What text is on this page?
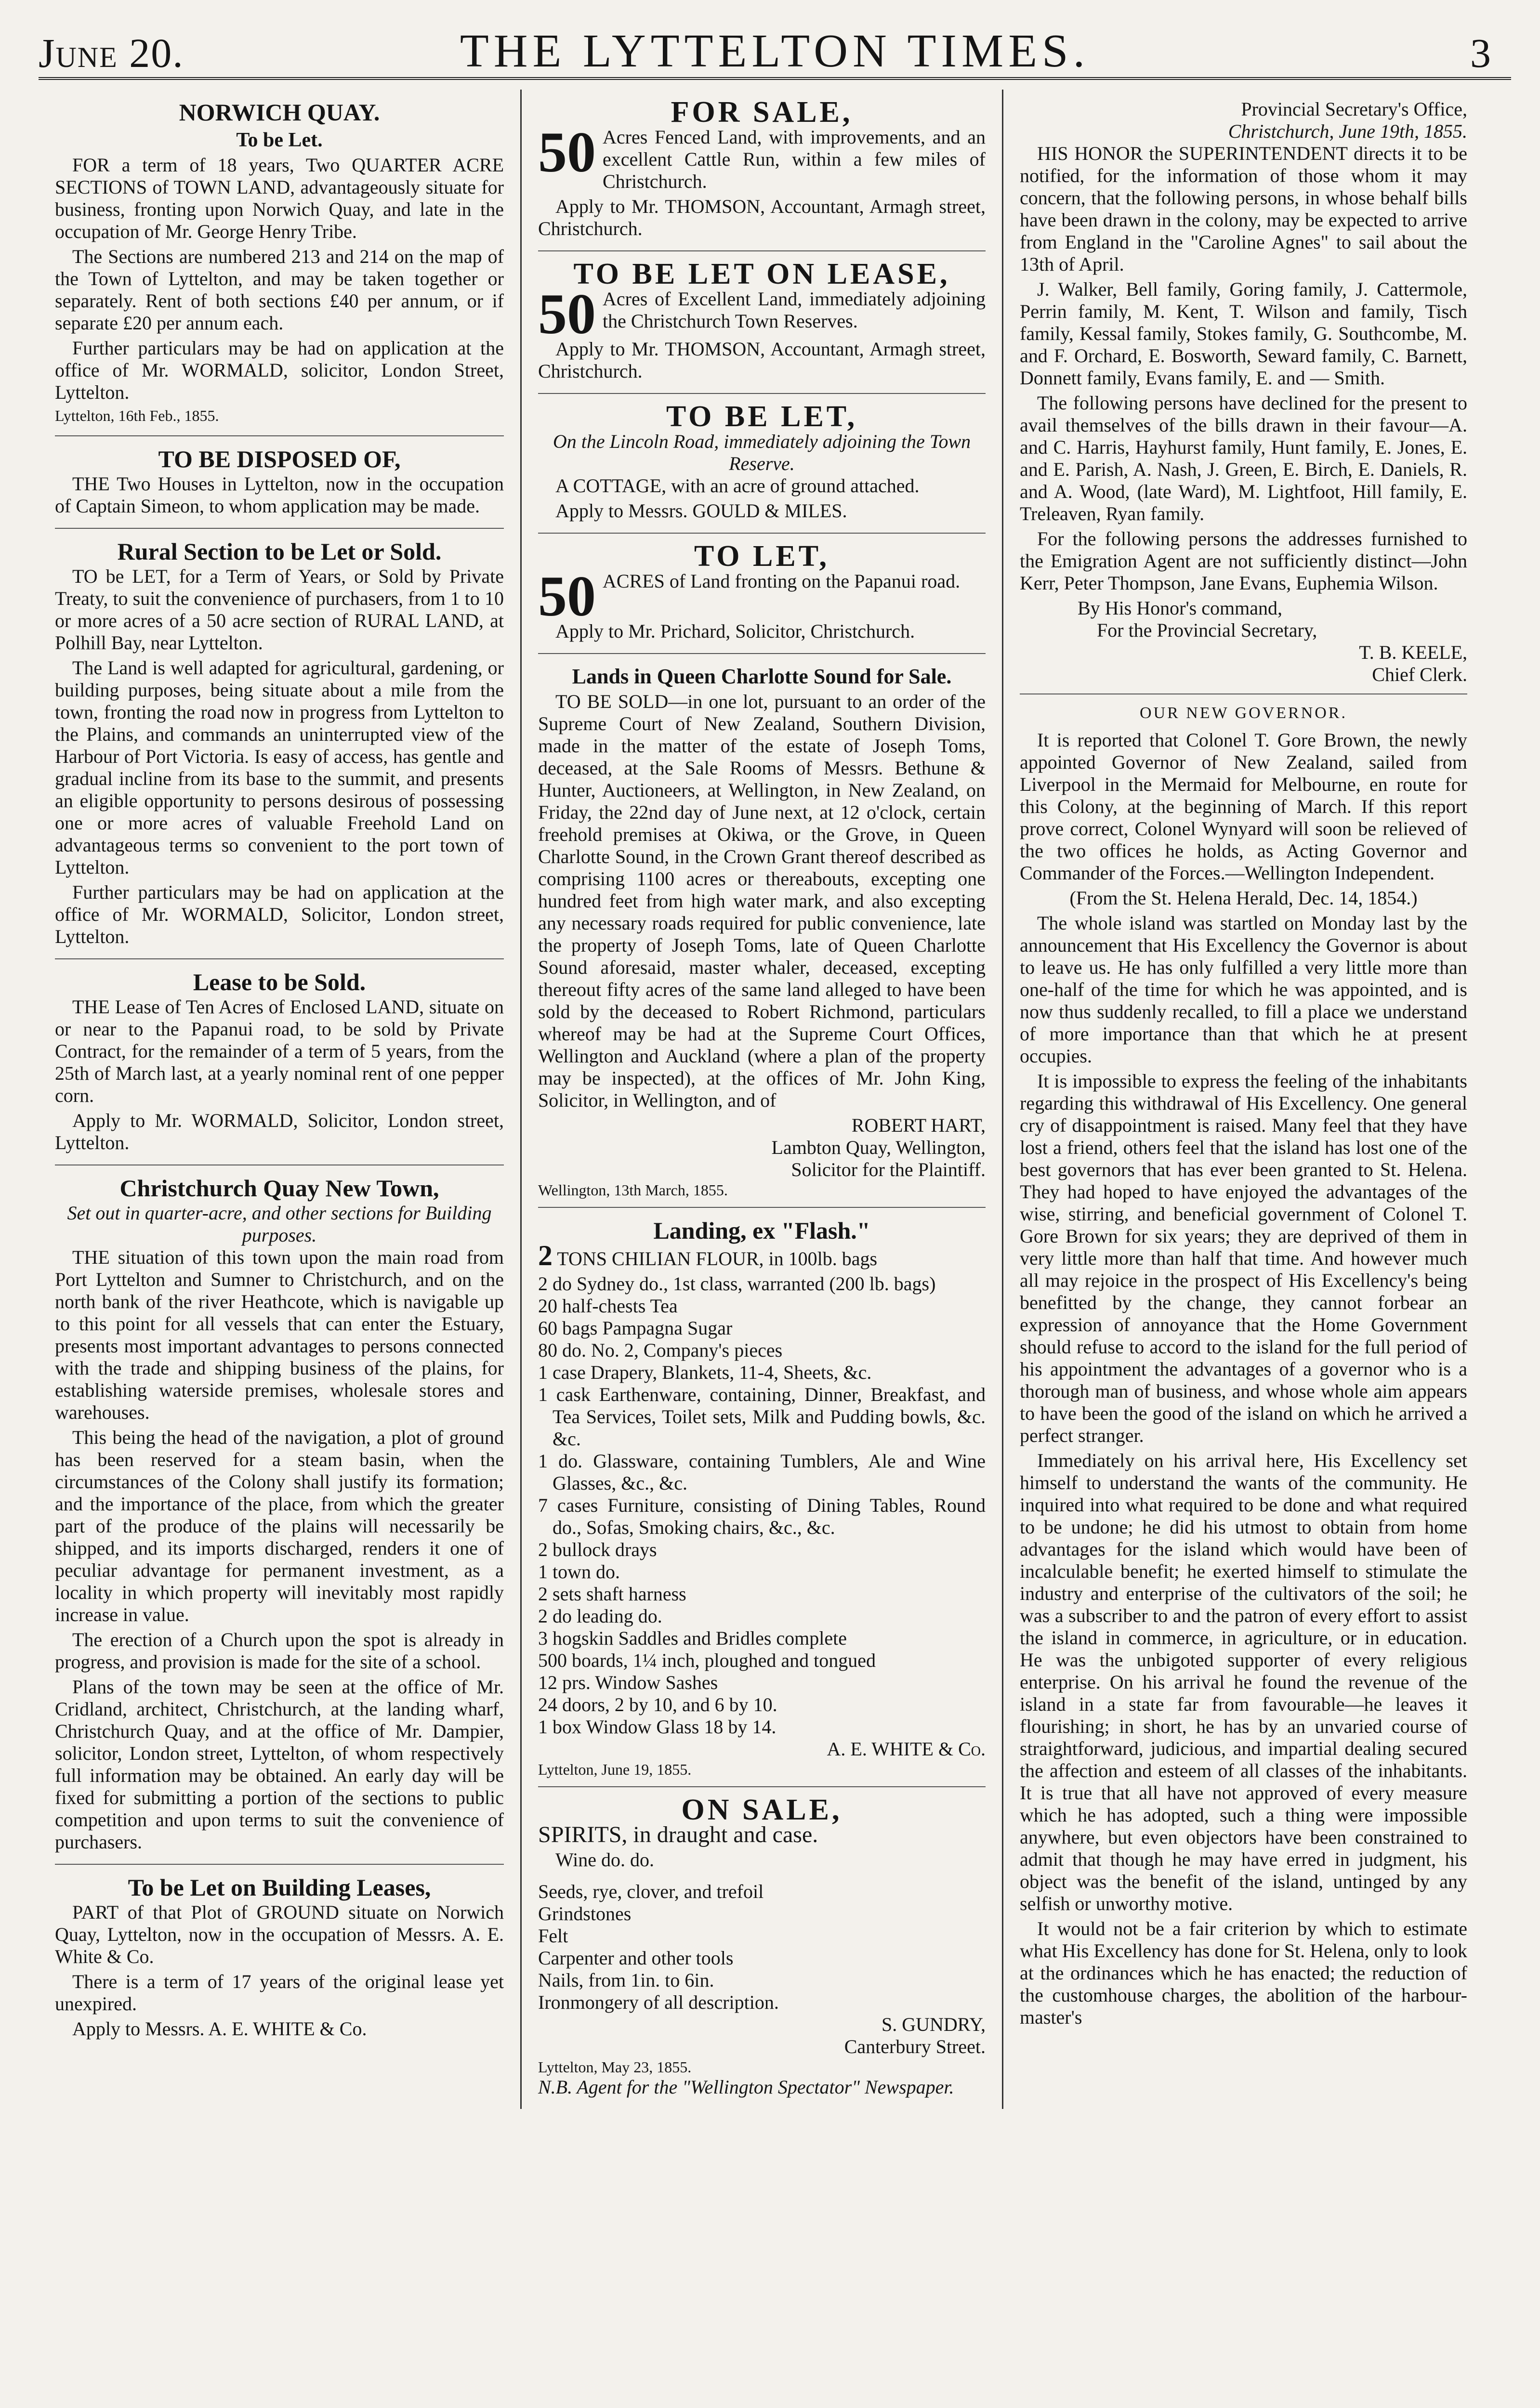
June 20.	THE LYTTELTON TIMES.	3
NORWICH QUAY.
To be Let.

FOR a term of 18 years, Two QUARTER ACRE SECTIONS of TOWN LAND, advantageously situate for business, fronting upon Norwich Quay, and late in the occupation of Mr. George Henry Tribe.

The Sections are numbered 213 and 214 on the map of the Town of Lyttelton, and may be taken together or separately. Rent of both sections £40 per annum, or if separate £20 per annum each.

Further particulars may be had on application at the office of Mr. WORMALD, solicitor, London Street, Lyttelton.

Lyttelton, 16th Feb., 1855.

TO BE DISPOSED OF,

THE Two Houses in Lyttelton, now in the occupation of Captain Simeon, to whom application may be made.

Rural Section to be Let or Sold.

TO be LET, for a Term of Years, or Sold by Private Treaty, to suit the convenience of purchasers, from 1 to 10 or more acres of a 50 acre section of RURAL LAND, at Polhill Bay, near Lyttelton.

The Land is well adapted for agricultural, gardening, or building purposes, being situate about a mile from the town, fronting the road now in progress from Lyttelton to the Plains, and commands an uninterrupted view of the Harbour of Port Victoria. Is easy of access, has gentle and gradual incline from its base to the summit, and presents an eligible opportunity to persons desirous of possessing one or more acres of valuable Freehold Land on advantageous terms so convenient to the port town of Lyttelton.

Further particulars may be had on application at the office of Mr. WORMALD, Solicitor, London street, Lyttelton.

Lease to be Sold.

THE Lease of Ten Acres of Enclosed LAND, situate on or near to the Papanui road, to be sold by Private Contract, for the remainder of a term of 5 years, from the 25th of March last, at a yearly nominal rent of one pepper corn.

Apply to Mr. WORMALD, Solicitor, London street, Lyttelton.

Christchurch Quay New Town,
Set out in quarter-acre, and other sections for Building purposes.

THE situation of this town upon the main road from Port Lyttelton and Sumner to Christchurch, and on the north bank of the river Heathcote, which is navigable up to this point for all vessels that can enter the Estuary, presents most important advantages to persons connected with the trade and shipping business of the plains, for establishing waterside premises, wholesale stores and warehouses.

This being the head of the navigation, a plot of ground has been reserved for a steam basin, when the circumstances of the Colony shall justify its formation; and the importance of the place, from which the greater part of the produce of the plains will necessarily be shipped, and its imports discharged, renders it one of peculiar advantage for permanent investment, as a locality in which property will inevitably most rapidly increase in value.

The erection of a Church upon the spot is already in progress, and provision is made for the site of a school.

Plans of the town may be seen at the office of Mr. Cridland, architect, Christchurch, at the landing wharf, Christchurch Quay, and at the office of Mr. Dampier, solicitor, London street, Lyttelton, of whom respectively full information may be obtained. An early day will be fixed for submitting a portion of the sections to public competition and upon terms to suit the convenience of purchasers.

To be Let on Building Leases,

PART of that Plot of GROUND situate on Norwich Quay, Lyttelton, now in the occupation of Messrs. A. E. White & Co.

There is a term of 17 years of the original lease yet unexpired.

Apply to Messrs. A. E. WHITE & Co.

FOR SALE,
50 Acres Fenced Land, with improvements, and an excellent Cattle Run, within a few miles of Christchurch.

Apply to Mr. THOMSON, Accountant, Armagh street, Christchurch.

TO BE LET ON LEASE,
50 Acres of Excellent Land, immediately adjoining the Christchurch Town Reserves.

Apply to Mr. THOMSON, Accountant, Armagh street, Christchurch.

TO BE LET,
On the Lincoln Road, immediately adjoining the Town Reserve.

A COTTAGE, with an acre of ground attached.

Apply to Messrs. GOULD & MILES.

TO LET,
50 ACRES of Land fronting on the Papanui road.

Apply to Mr. Prichard, Solicitor, Christchurch.

Lands in Queen Charlotte Sound for Sale.

TO BE SOLD—in one lot, pursuant to an order of the Supreme Court of New Zealand, Southern Division, made in the matter of the estate of Joseph Toms, deceased, at the Sale Rooms of Messrs. Bethune & Hunter, Auctioneers, at Wellington, in New Zealand, on Friday, the 22nd day of June next, at 12 o'clock, certain freehold premises at Okiwa, or the Grove, in Queen Charlotte Sound, in the Crown Grant thereof described as comprising 1100 acres or thereabouts, excepting one hundred feet from high water mark, and also excepting any necessary roads required for public convenience, late the property of Joseph Toms, late of Queen Charlotte Sound aforesaid, master whaler, deceased, excepting thereout fifty acres of the same land alleged to have been sold by the deceased to Robert Richmond, particulars whereof may be had at the Supreme Court Offices, Wellington and Auckland (where a plan of the property may be inspected), at the offices of Mr. John King, Solicitor, in Wellington, and of

ROBERT HART,
Lambton Quay, Wellington,
Solicitor for the Plaintiff.
Wellington, 13th March, 1855.
Landing, ex "Flash."

2 TONS CHILIAN FLOUR, in 100lb. bags

2 do Sydney do., 1st class, warranted (200 lb. bags)
20 half-chests Tea
60 bags Pampagna Sugar
80 do. No. 2, Company's pieces
1 case Drapery, Blankets, 11-4, Sheets, &c.
1 cask Earthenware, containing, Dinner, Breakfast, and Tea Services, Toilet sets, Milk and Pudding bowls, &c. &c.
1 do. Glassware, containing Tumblers, Ale and Wine Glasses, &c., &c.
7 cases Furniture, consisting of Dining Tables, Round do., Sofas, Smoking chairs, &c., &c.
2 bullock drays
1 town do.
2 sets shaft harness
2 do leading do.
3 hogskin Saddles and Bridles complete
500 boards, 1¼ inch, ploughed and tongued
12 prs. Window Sashes
24 doors, 2 by 10, and 6 by 10.
1 box Window Glass 18 by 14.
A. E. WHITE & Co.
Lyttelton, June 19, 1855.
ON SALE,

SPIRITS, in draught and case.

Wine do. do.

Seeds, rye, clover, and trefoil
Grindstones
Felt
Carpenter and other tools
Nails, from 1in. to 6in.
Ironmongery of all description.
S. GUNDRY,
Canterbury Street.
Lyttelton, May 23, 1855.

N.B. Agent for the "Wellington Spectator" Newspaper.

Provincial Secretary's Office,
Christchurch, June 19th, 1855.

HIS HONOR the SUPERINTENDENT directs it to be notified, for the information of those whom it may concern, that the following persons, in whose behalf bills have been drawn in the colony, may be expected to arrive from England in the "Caroline Agnes" to sail about the 13th of April.

J. Walker, Bell family, Goring family, J. Cattermole, Perrin family, M. Kent, T. Wilson and family, Tisch family, Kessal family, Stokes family, G. Southcombe, M. and F. Orchard, E. Bosworth, Seward family, C. Barnett, Donnett family, Evans family, E. and — Smith.

The following persons have declined for the present to avail themselves of the bills drawn in their favour—A. and C. Harris, Hayhurst family, Hunt family, E. Jones, E. and E. Parish, A. Nash, J. Green, E. Birch, E. Daniels, R. and A. Wood, (late Ward), M. Lightfoot, Hill family, E. Treleaven, Ryan family.

For the following persons the addresses furnished to the Emigration Agent are not sufficiently distinct—John Kerr, Peter Thompson, Jane Evans, Euphemia Wilson.

By His Honor's command,
For the Provincial Secretary,
T. B. KEELE,
Chief Clerk.
OUR NEW GOVERNOR.

It is reported that Colonel T. Gore Brown, the newly appointed Governor of New Zealand, sailed from Liverpool in the Mermaid for Melbourne, en route for this Colony, at the beginning of March. If this report prove correct, Colonel Wynyard will soon be relieved of the two offices he holds, as Acting Governor and Commander of the Forces.—Wellington Independent.

(From the St. Helena Herald, Dec. 14, 1854.)

The whole island was startled on Monday last by the announcement that His Excellency the Governor is about to leave us. He has only fulfilled a very little more than one-half of the time for which he was appointed, and is now thus suddenly recalled, to fill a place we understand of more importance than that which he at present occupies.

It is impossible to express the feeling of the inhabitants regarding this withdrawal of His Excellency. One general cry of disappointment is raised. Many feel that they have lost a friend, others feel that the island has lost one of the best governors that has ever been granted to St. Helena. They had hoped to have enjoyed the advantages of the wise, stirring, and beneficial government of Colonel T. Gore Brown for six years; they are deprived of them in very little more than half that time. And however much all may rejoice in the prospect of His Excellency's being benefitted by the change, they cannot forbear an expression of annoyance that the Home Government should refuse to accord to the island for the full period of his appointment the advantages of a governor who is a thorough man of business, and whose whole aim appears to have been the good of the island on which he arrived a perfect stranger.

Immediately on his arrival here, His Excellency set himself to understand the wants of the community. He inquired into what required to be done and what required to be undone; he did his utmost to obtain from home advantages for the island which would have been of incalculable benefit; he exerted himself to stimulate the industry and enterprise of the cultivators of the soil; he was a subscriber to and the patron of every effort to assist the island in commerce, in agriculture, or in education. He was the unbigoted supporter of every religious enterprise. On his arrival he found the revenue of the island in a state far from favourable—he leaves it flourishing; in short, he has by an unvaried course of straightforward, judicious, and impartial dealing secured the affection and esteem of all classes of the inhabitants. It is true that all have not approved of every measure which he has adopted, such a thing were impossible anywhere, but even objectors have been constrained to admit that though he may have erred in judgment, his object was the benefit of the island, untinged by any selfish or unworthy motive.

It would not be a fair criterion by which to estimate what His Excellency has done for St. Helena, only to look at the ordinances which he has enacted; the reduction of the customhouse charges, the abolition of the harbour-master's
